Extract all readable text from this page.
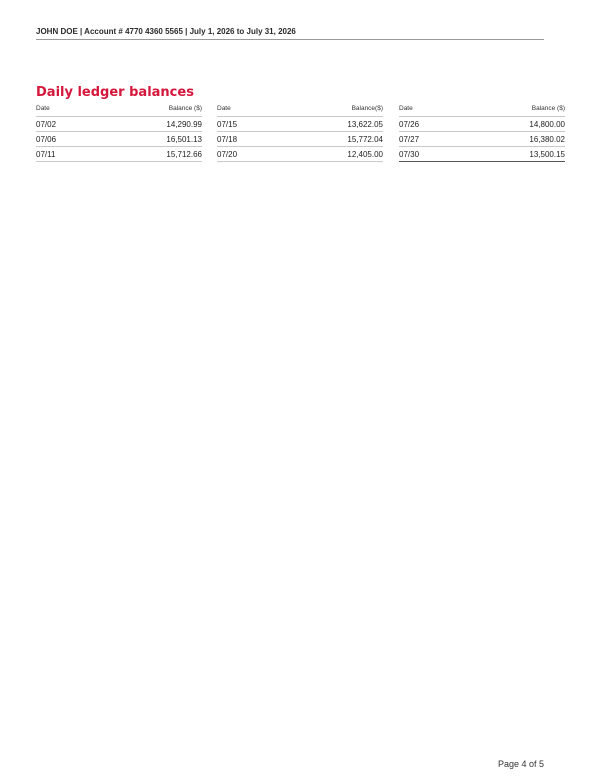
JOHN DOE | Account # 4770 4360 5565 | July 1, 2026 to July 31, 2026
Daily ledger balances
Date	Balance ($)
07/02	14,290.99
07/06	16,501.13
07/11	15,712.66
Date	Balance($)
07/15	13,622.05
07/18	15,772.04
07/20	12,405.00
Date	Balance ($)
07/26	14,800.00
07/27	16,380.02
07/30	13,500.15
Page 4 of 5
